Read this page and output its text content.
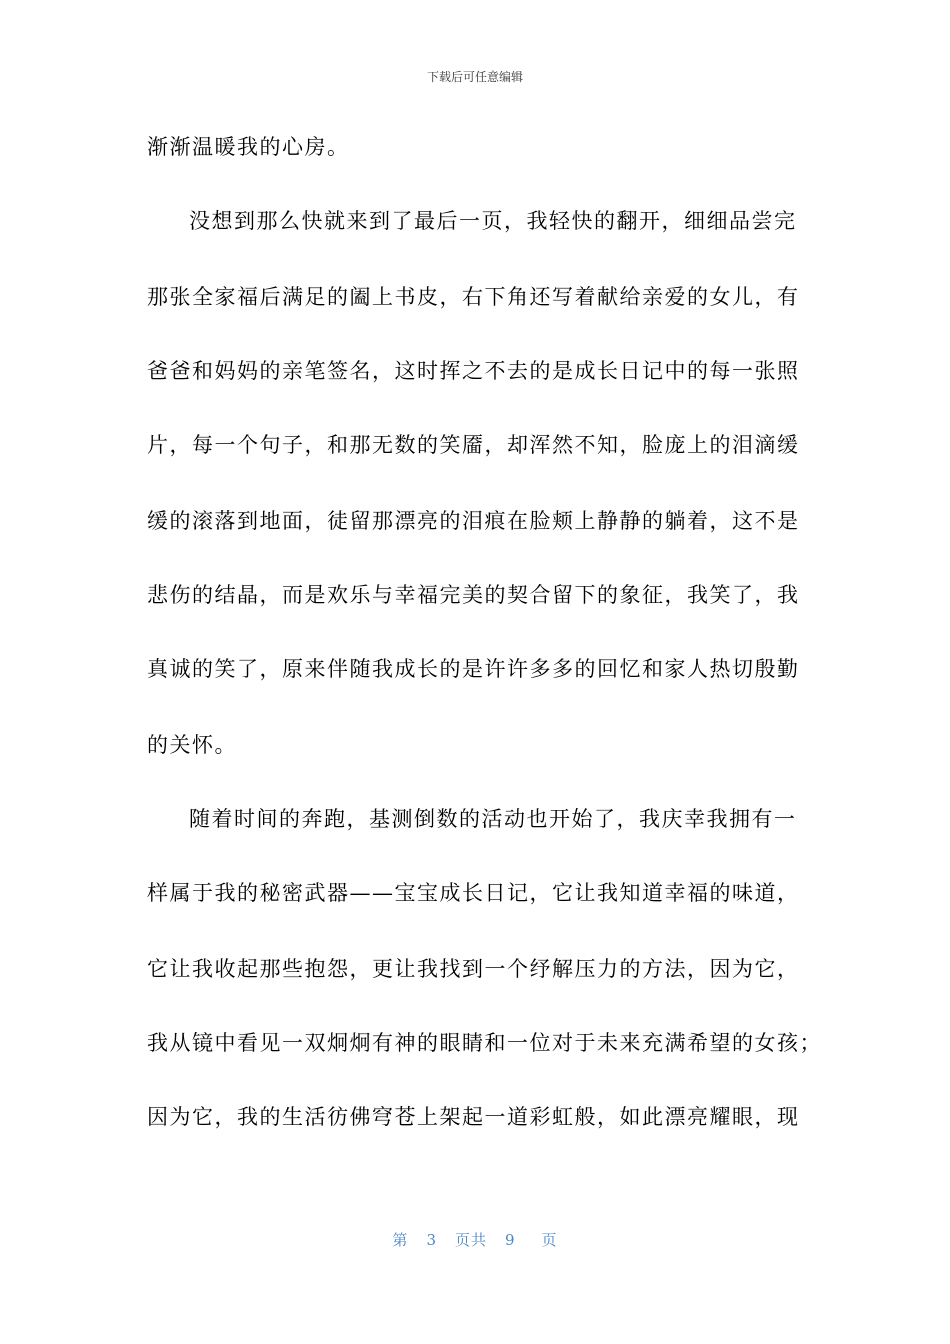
下载后可任意编辑
渐渐温暖我的心房。
没想到那么快就来到了最后一页，我轻快的翻开，细细品尝完
那张全家福后满足的阖上书皮，右下角还写着献给亲爱的女儿，有
爸爸和妈妈的亲笔签名，这时挥之不去的是成长日记中的每一张照
片，每一个句子，和那无数的笑靥，却浑然不知，脸庞上的泪滴缓
缓的滚落到地面，徒留那漂亮的泪痕在脸颊上静静的躺着，这不是
悲伤的结晶，而是欢乐与幸福完美的契合留下的象征，我笑了，我
真诚的笑了，原来伴随我成长的是许许多多的回忆和家人热切殷勤
的关怀。
随着时间的奔跑，基测倒数的活动也开始了，我庆幸我拥有一
样属于我的秘密武器——宝宝成长日记，它让我知道幸福的味道，
它让我收起那些抱怨，更让我找到一个纾解压力的方法，因为它，
我从镜中看见一双炯炯有神的眼睛和一位对于未来充满希望的女孩；
因为它，我的生活彷佛穹苍上架起一道彩虹般，如此漂亮耀眼，现
第 3 页共 9 页
